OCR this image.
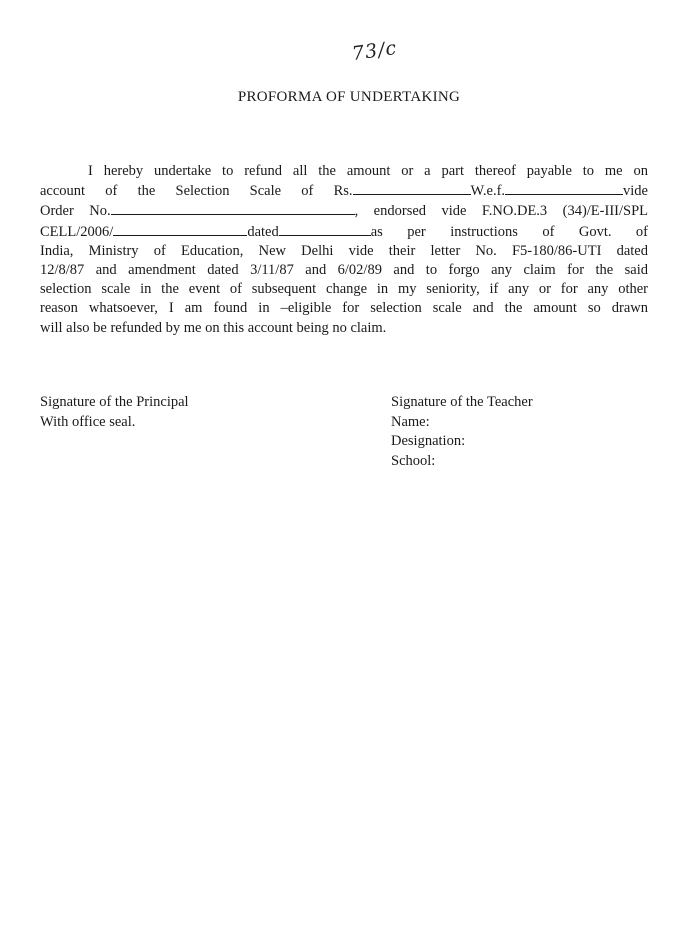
73/c
PROFORMA OF UNDERTAKING
I hereby undertake to refund all the amount or a part thereof payable to me on
account of the Selection Scale of Rs.	W.e.f.	vide
Order No.	, endorsed vide F.NO.DE.3 (34)/E-III/SPL
CELL/2006/	dated	as per instructions of Govt. of
India, Ministry of Education, New Delhi vide their letter No. F5-180/86-UTI dated
12/8/87 and amendment dated 3/11/87 and 6/02/89 and to forgo any claim for the said
selection scale in the event of subsequent change in my seniority, if any or for any other
reason whatsoever, I am found in –eligible for selection scale and the amount so drawn
will also be refunded by me on this account being no claim.
Signature of the Principal
With office seal.
Signature of the Teacher
Name:
Designation:
School:
